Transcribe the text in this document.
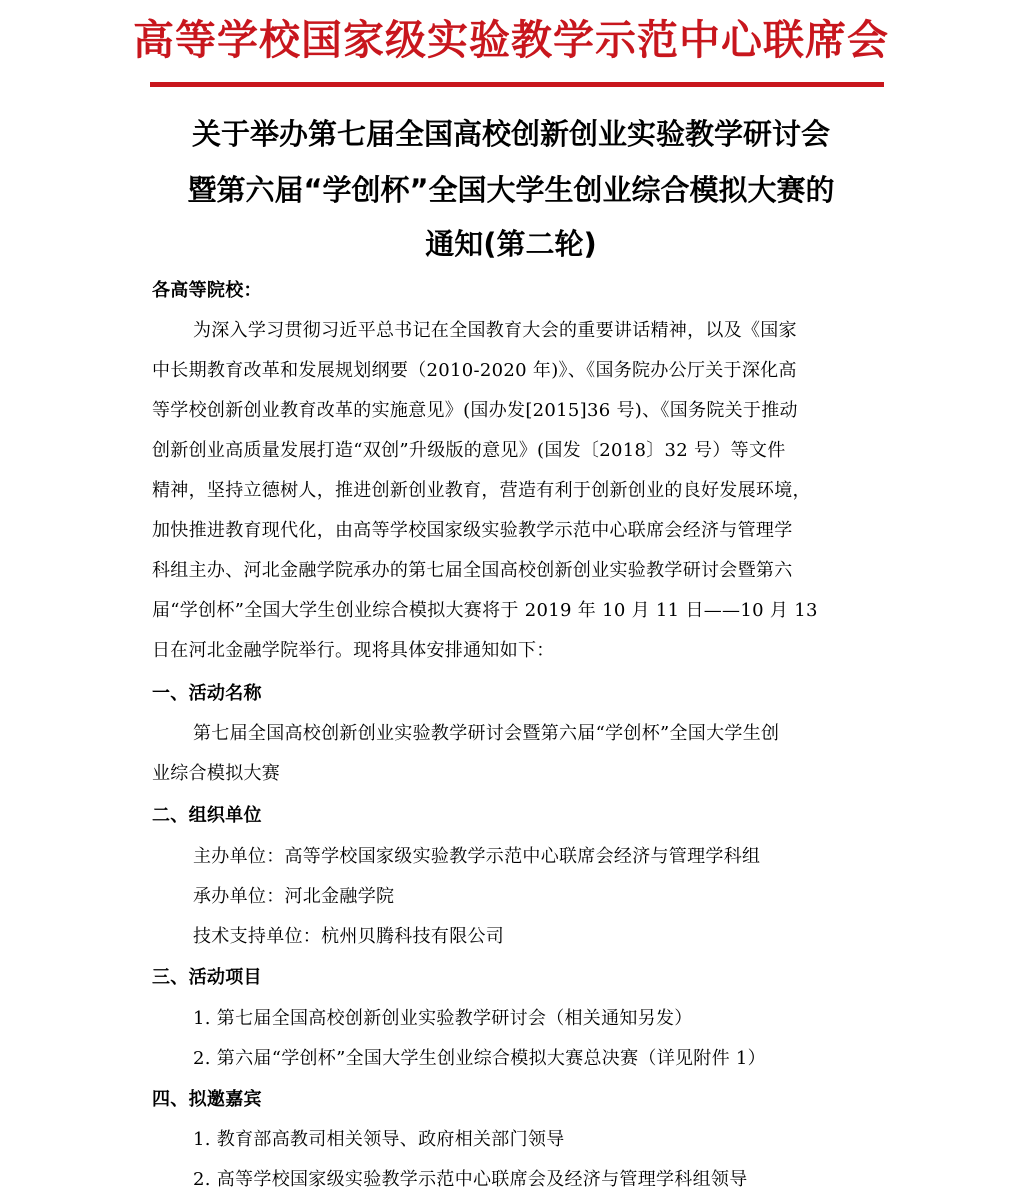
高等学校国家级实验教学示范中心联席会
关于举办第七届全国高校创新创业实验教学研讨会
暨第六届“学创杯”全国大学生创业综合模拟大赛的
通知(第二轮)
各高等院校：
为深入学习贯彻习近平总书记在全国教育大会的重要讲话精神，以及《国家
中长期教育改革和发展规划纲要（2010-2020 年)》、《国务院办公厅关于深化高
等学校创新创业教育改革的实施意见》(国办发[2015]36 号)、《国务院关于推动
创新创业高质量发展打造“双创”升级版的意见》(国发〔2018〕32 号）等文件
精神，坚持立德树人，推进创新创业教育，营造有利于创新创业的良好发展环境，
加快推进教育现代化，由高等学校国家级实验教学示范中心联席会经济与管理学
科组主办、河北金融学院承办的第七届全国高校创新创业实验教学研讨会暨第六
届“学创杯”全国大学生创业综合模拟大赛将于 2019 年 10 月 11 日——10 月 13
日在河北金融学院举行。现将具体安排通知如下：
一、活动名称
第七届全国高校创新创业实验教学研讨会暨第六届“学创杯”全国大学生创
业综合模拟大赛
二、组织单位
主办单位：高等学校国家级实验教学示范中心联席会经济与管理学科组
承办单位：河北金融学院
技术支持单位：杭州贝腾科技有限公司
三、活动项目
1. 第七届全国高校创新创业实验教学研讨会（相关通知另发）
2. 第六届“学创杯”全国大学生创业综合模拟大赛总决赛（详见附件 1）
四、拟邀嘉宾
1. 教育部高教司相关领导、政府相关部门领导
2. 高等学校国家级实验教学示范中心联席会及经济与管理学科组领导
